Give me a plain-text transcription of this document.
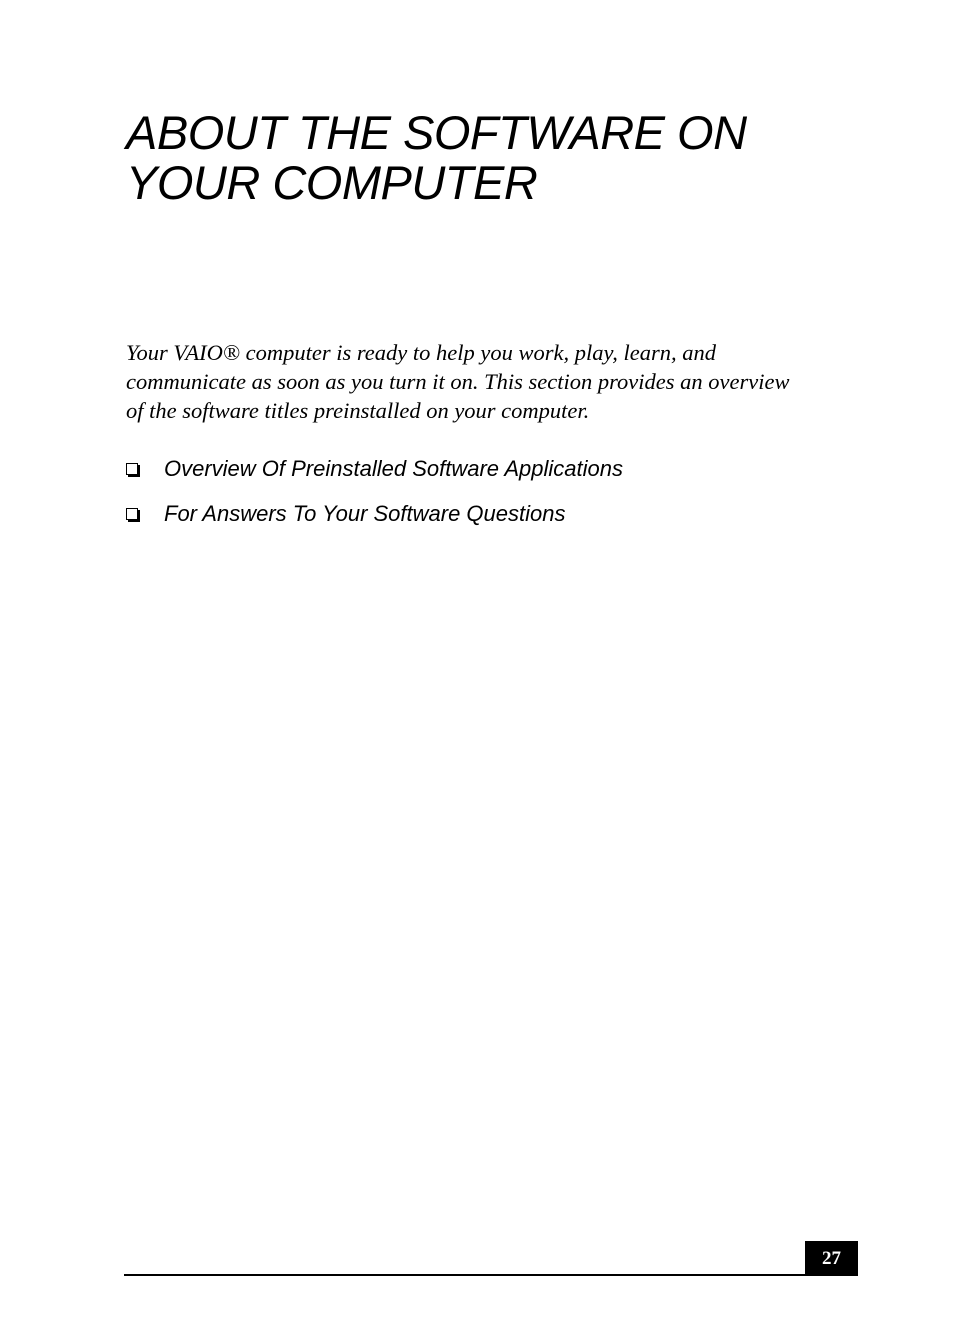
ABOUT THE SOFTWARE ON
YOUR COMPUTER

Your VAIO® computer is ready to help you work, play, learn, and
communicate as soon as you turn it on. This section provides an overview
of the software titles preinstalled on your computer.

Overview Of Preinstalled Software Applications
For Answers To Your Software Questions
27
